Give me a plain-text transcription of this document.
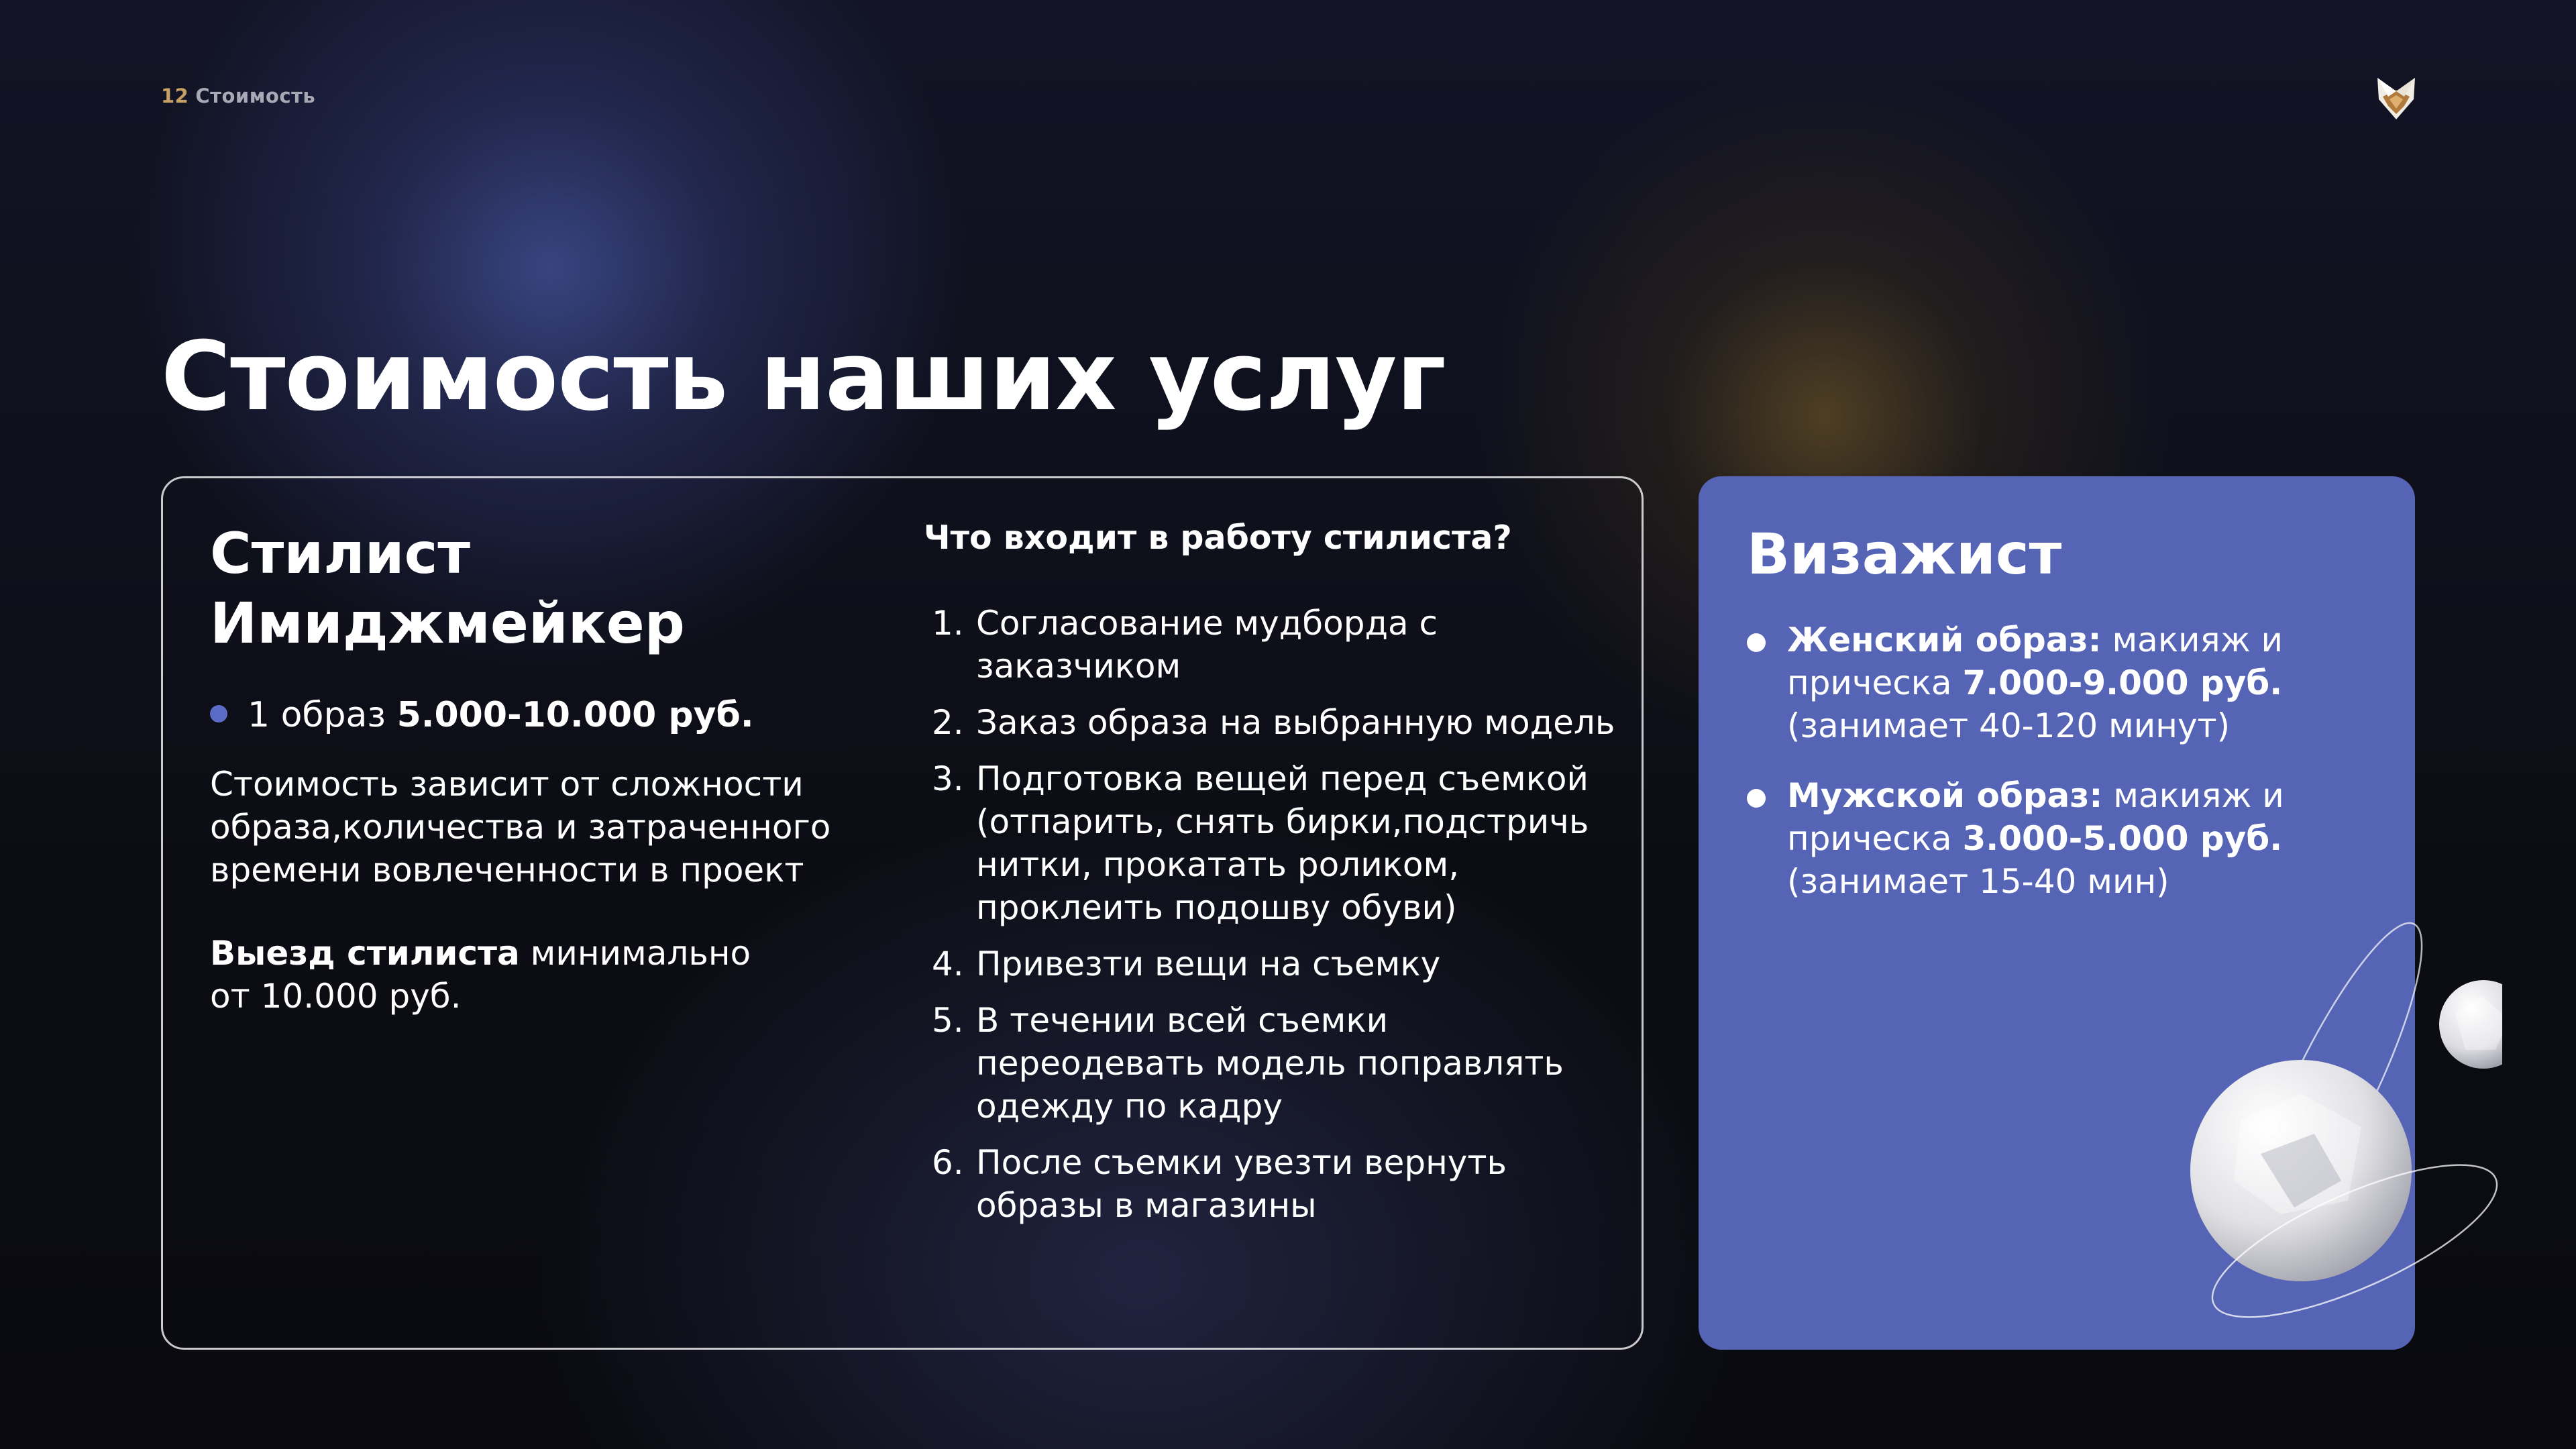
12 Стоимость
Стоимость наших услуг
Стилист
Имиджмейкер
1 образ 5.000-10.000 руб.
Стоимость зависит от сложности образа,количества и затраченного времени вовлеченности в проект
Выезд стилиста минимально
от 10.000 руб.
Что входит в работу стилиста?
1. Согласование мудборда с заказчиком
2. Заказ образа на выбранную модель
3. Подготовка вещей перед съемкой (отпарить, снять бирки,подстричь нитки, прокатать роликом, проклеить подошву обуви)
4. Привезти вещи на съемку
5. В течении всей съемки переодевать модель поправлять одежду по кадру
6. После съемки увезти вернуть образы в магазины
Визажист
Женский образ: макияж и прическа 7.000-9.000 руб.
(занимает 40-120 минут)
Мужской образ: макияж и прическа 3.000-5.000 руб.
(занимает 15-40 мин)
